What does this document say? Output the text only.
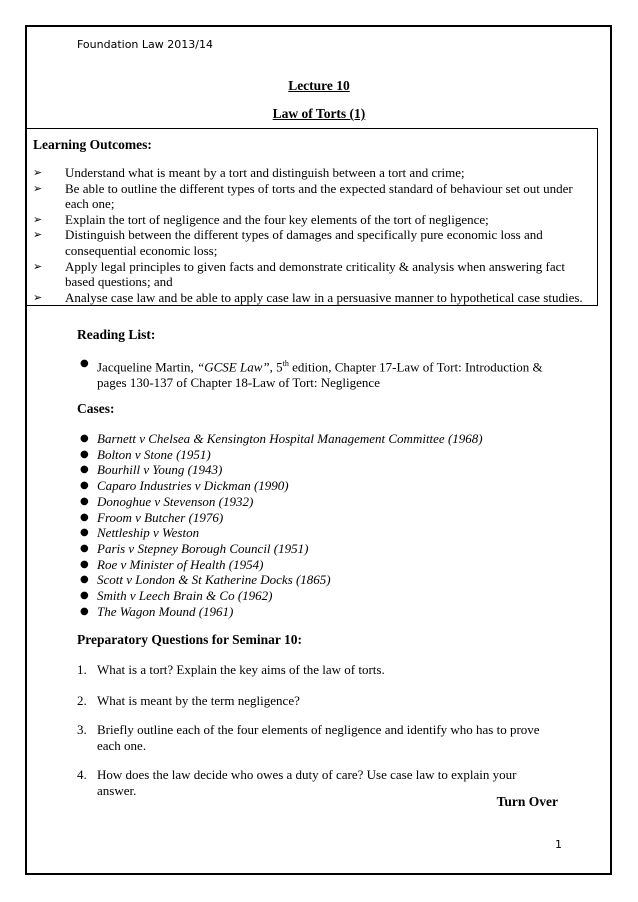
Foundation Law 2013/14
Lecture 10
Law of Torts (1)
Learning Outcomes:
➢ Understand what is meant by a tort and distinguish between a tort and crime;
➢ Be able to outline the different types of torts and the expected standard of behaviour set out under
each one;
➢ Explain the tort of negligence and the four key elements of the tort of negligence;
➢ Distinguish between the different types of damages and specifically pure economic loss and
consequential economic loss;
➢ Apply legal principles to given facts and demonstrate criticality & analysis when answering fact
based questions; and
➢ Analyse case law and be able to apply case law in a persuasive manner to hypothetical case studies.
Reading List:
● Jacqueline Martin, “GCSE Law”, 5th edition, Chapter 17-Law of Tort: Introduction &
pages 130-137 of Chapter 18-Law of Tort: Negligence
Cases:
● Barnett v Chelsea & Kensington Hospital Management Committee (1968)
● Bolton v Stone (1951)
● Bourhill v Young (1943)
● Caparo Industries v Dickman (1990)
● Donoghue v Stevenson (1932)
● Froom v Butcher (1976)
● Nettleship v Weston
● Paris v Stepney Borough Council (1951)
● Roe v Minister of Health (1954)
● Scott v London & St Katherine Docks (1865)
● Smith v Leech Brain & Co (1962)
● The Wagon Mound (1961)
Preparatory Questions for Seminar 10:
1. What is a tort? Explain the key aims of the law of torts.
2. What is meant by the term negligence?
3. Briefly outline each of the four elements of negligence and identify who has to prove
each one.
4. How does the law decide who owes a duty of care? Use case law to explain your answer.
Turn Over
1
